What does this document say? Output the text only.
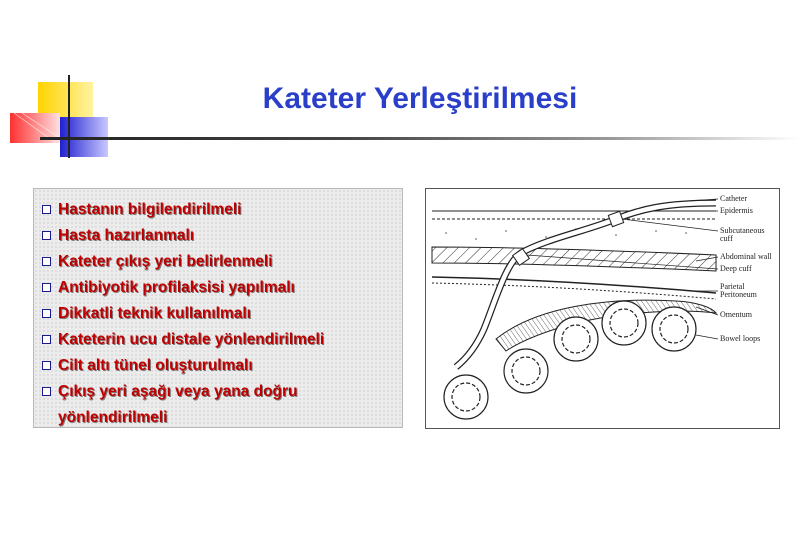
Kateter Yerleştirilmesi
Hastanın bilgilendirilmeli
Hasta hazırlanmalı
Kateter çıkış yeri belirlenmeli
Antibiyotik profilaksisi yapılmalı
Dikkatli teknik kullanılmalı
Kateterin ucu distale yönlendirilmeli
Cilt altı tünel oluşturulmalı
Çıkış yeri aşağı veya yana doğru yönlendirilmeli
Catheter
Epidermis
Subcutaneous
cuff
Abdominal wall
Deep cuff
Parietal
Peritoneum
Omentum
Bowel loops
